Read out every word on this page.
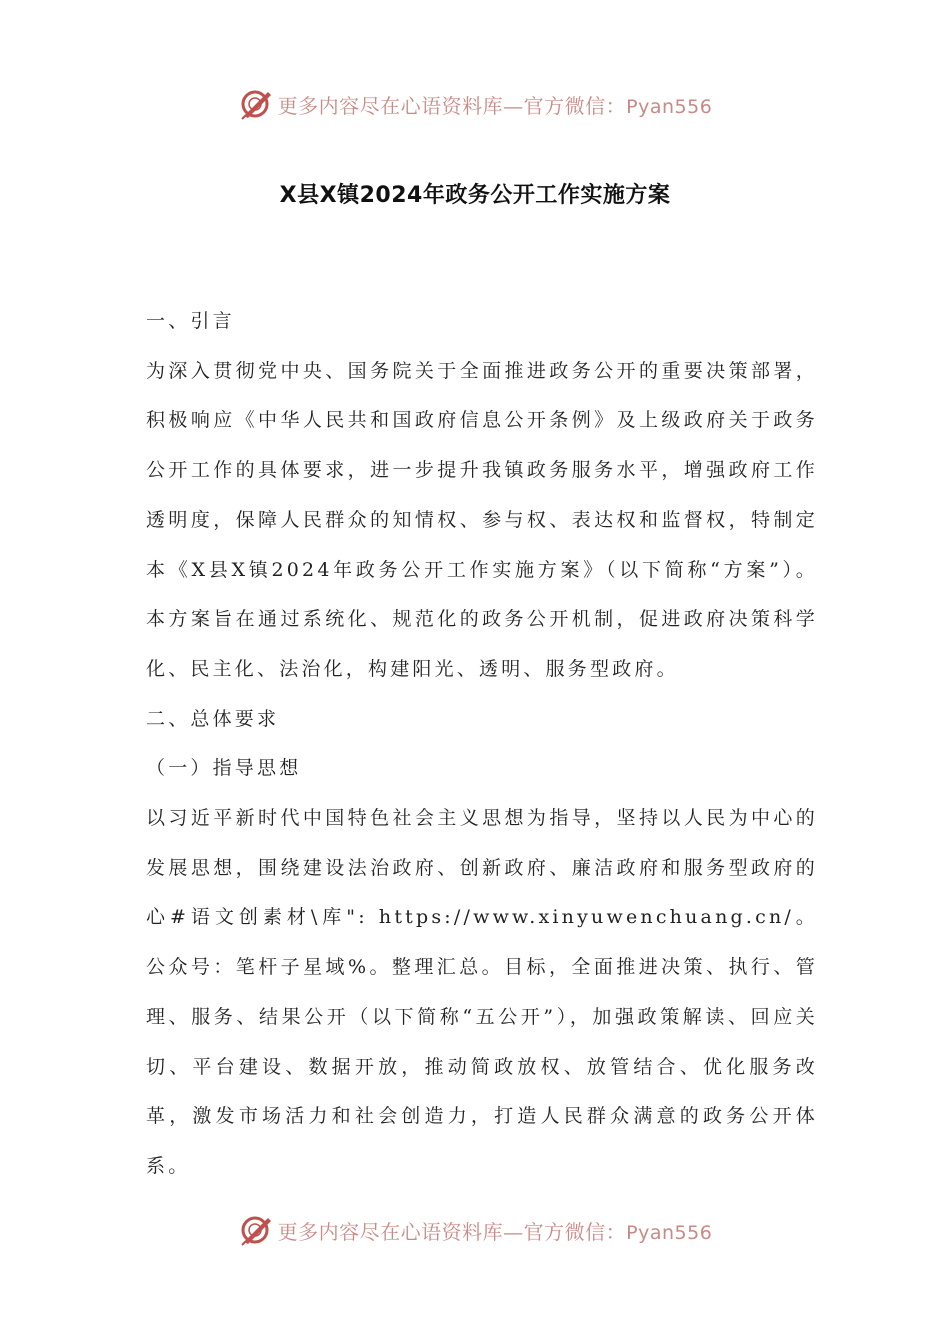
更多内容尽在心语资料库—官方微信：Pyan556
X县X镇2024年政务公开工作实施方案

一、引言

为深入贯彻党中央、国务院关于全面推进政务公开的重要决策部署，积极响应《中华人民共和国政府信息公开条例》及上级政府关于政务公开工作的具体要求，进一步提升我镇政务服务水平，增强政府工作透明度，保障人民群众的知情权、参与权、表达权和监督权，特制定本《X县X镇2024年政务公开工作实施方案》（以下简称“方案”）。本方案旨在通过系统化、规范化的政务公开机制，促进政府决策科学化、民主化、法治化，构建阳光、透明、服务型政府。

二、总体要求

（一）指导思想

以习近平新时代中国特色社会主义思想为指导，坚持以人民为中心的发展思想，围绕建设法治政府、创新政府、廉洁政府和服务型政府的心#语文创素材\库": https://www.xinyuwenchuang.cn/。公众号：笔杆子星域%。整理汇总。目标，全面推进决策、执行、管理、服务、结果公开（以下简称“五公开”），加强政策解读、回应关切、平台建设、数据开放，推动简政放权、放管结合、优化服务改革，激发市场活力和社会创造力，打造人民群众满意的政务公开体系。

更多内容尽在心语资料库—官方微信：Pyan556
